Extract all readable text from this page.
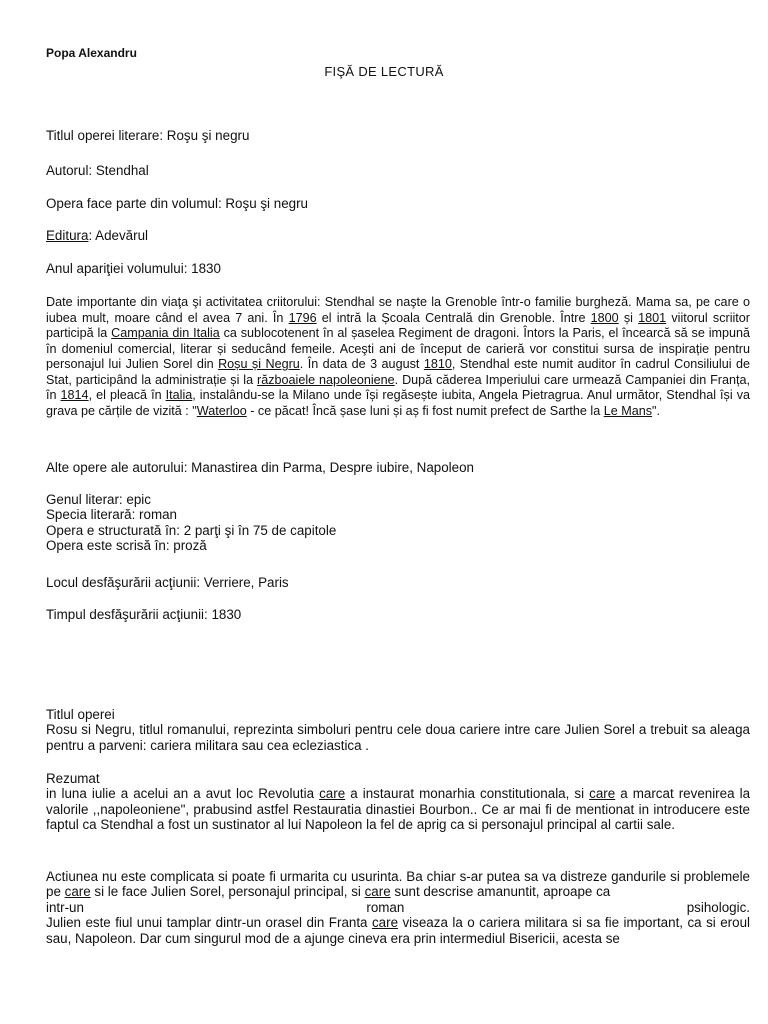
Popa Alexandru
FIŞĂ DE LECTURĂ
Titlul operei literare: Roşu şi negru
Autorul: Stendhal
Opera face parte din volumul: Roşu şi negru
Editura: Adevărul
Anul apariţiei volumului: 1830
Date importante din viaţa şi activitatea criitorului: Stendhal se naşte la Grenoble într-o familie burgheză. Mama sa, pe care o iubea mult, moare când el avea 7 ani. În 1796 el intră la Școala Centrală din Grenoble. Între 1800 și 1801 viitorul scriitor participă la Campania din Italia ca sublocotenent în al șaselea Regiment de dragoni. Întors la Paris, el încearcă să se impună în domeniul comercial, literar și seducând femeile. Aceşti ani de început de carieră vor constitui sursa de inspirație pentru personajul lui Julien Sorel din Roșu și Negru. În data de 3 august 1810, Stendhal este numit auditor în cadrul Consiliului de Stat, participând la administrație și la războaiele napoleoniene. După căderea Imperiului care urmează Campaniei din Franța, în 1814, el pleacă în Italia, instalându-se la Milano unde își regăsește iubita, Angela Pietragrua. Anul următor, Stendhal își va grava pe cărțile de vizită : "Waterloo - ce păcat! Încă șase luni și aș fi fost numit prefect de Sarthe la Le Mans".
Alte opere ale autorului: Manastirea din Parma, Despre iubire, Napoleon
Genul literar: epic
Specia literară: roman
Opera e structurată în: 2 parţi şi în 75 de capitole
Opera este scrisă în: proză
Locul desfăşurării acţiunii: Verriere, Paris
Timpul desfăşurării acţiunii: 1830
Titlul operei
Rosu si Negru, titlul romanului, reprezinta simboluri pentru cele doua cariere intre care Julien Sorel a trebuit sa aleaga pentru a parveni: cariera militara sau cea ecleziastica .
Rezumat
in luna iulie a acelui an a avut loc Revolutia care a instaurat monarhia constitutionala, si care a marcat revenirea la valorile ,,napoleoniene", prabusind astfel Restauratia dinastiei Bourbon.. Ce ar mai fi de mentionat in introducere este faptul ca Stendhal a fost un sustinator al lui Napoleon la fel de aprig ca si personajul principal al cartii sale.
Actiunea nu este complicata si poate fi urmarita cu usurinta. Ba chiar s-ar putea sa va distreze gandurile si problemele pe care si le face Julien Sorel, personajul principal, si care sunt descrise amanuntit, aproape ca
intr-un roman psihologic.
Julien este fiul unui tamplar dintr-un orasel din Franta care viseaza la o cariera militara si sa fie important, ca si eroul sau, Napoleon. Dar cum singurul mod de a ajunge cineva era prin intermediul Bisericii, acesta se
